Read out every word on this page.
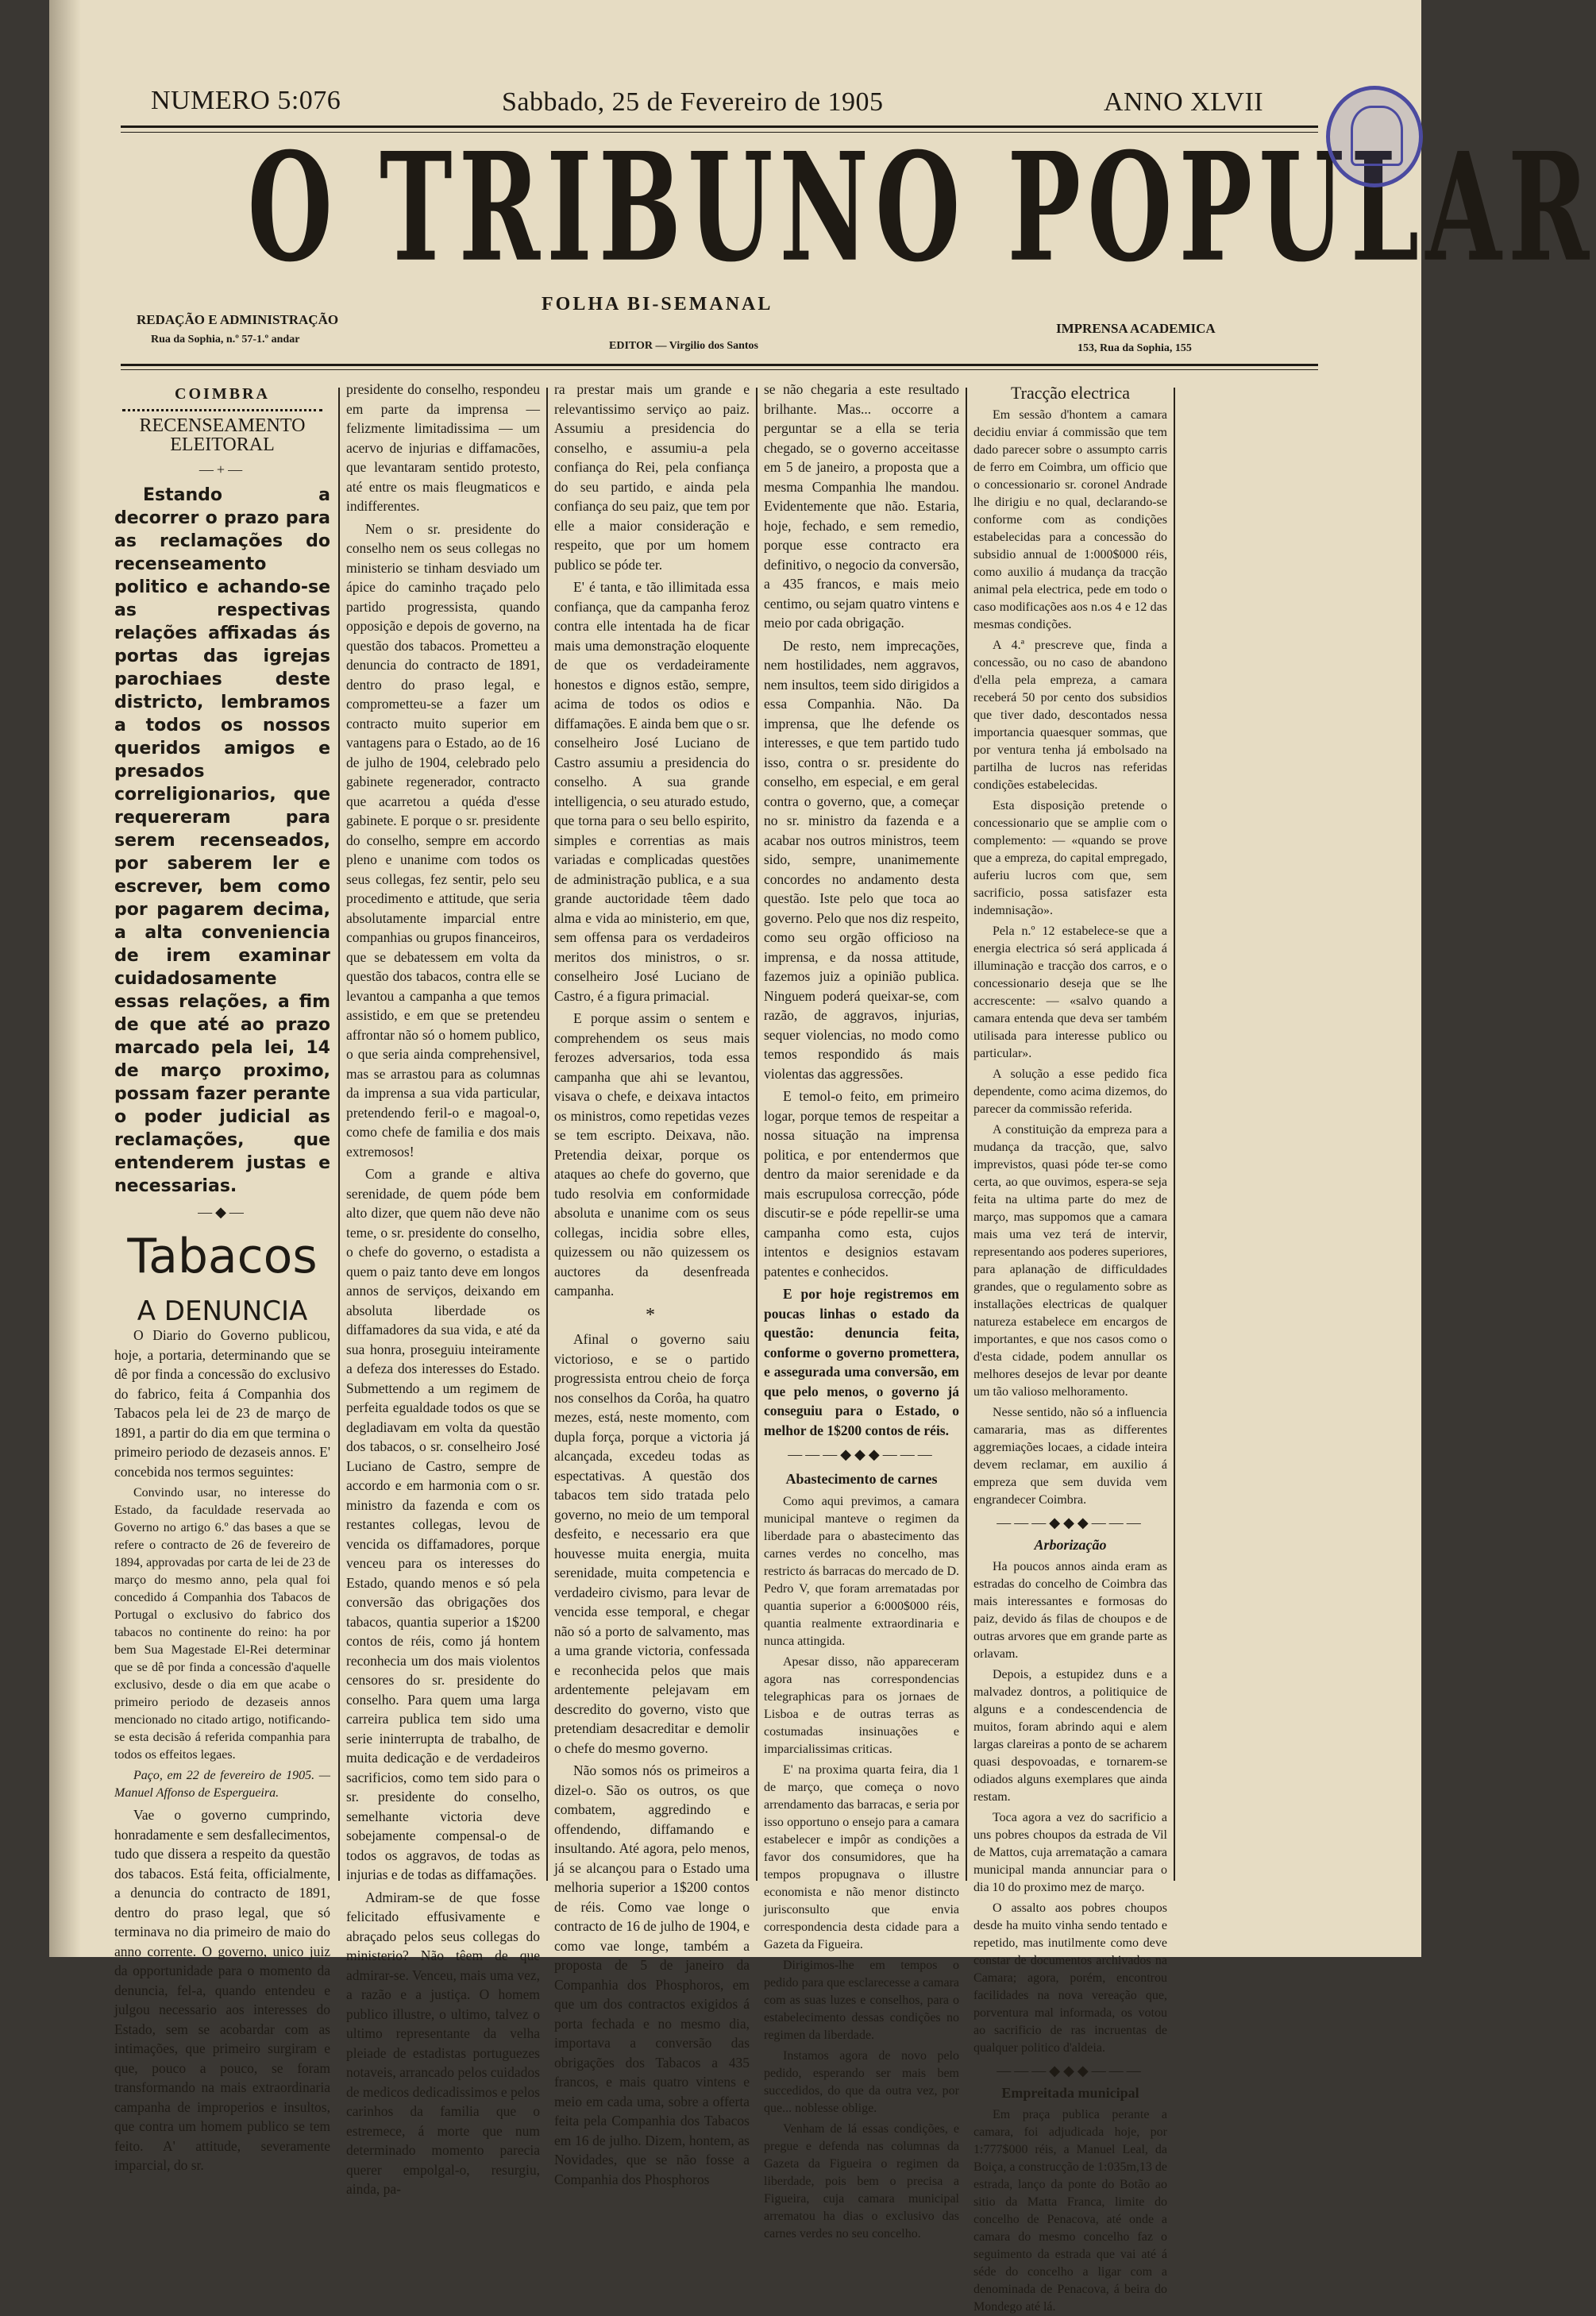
NUMERO 5:076	Sabbado, 25 de Fevereiro de 1905	ANNO XLVII
O TRIBUNO POPULAR
FOLHA BI-SEMANAL
REDAÇÃO E ADMINISTRAÇÃO
Rua da Sophia, n.º 57-1.º andar
EDITOR — Virgilio dos Santos
IMPRENSA ACADEMICA
153, Rua da Sophia, 155
COIMBRA
RECENSEAMENTO ELEITORAL
—+—

Estando a decorrer o prazo para as reclamações do recenseamento politico e achando-se as respectivas relações affixadas ás portas das igrejas parochiaes deste districto, lembramos a todos os nossos queridos amigos e presados correligionarios, que requereram para serem recenseados, por saberem ler e escrever, bem como por pagarem decima, a alta conveniencia de irem examinar cuidadosamente essas relações, a fim de que até ao prazo marcado pela lei, 14 de março proximo, possam fazer perante o poder judicial as reclamações, que entenderem justas e necessarias.

—◆—
Tabacos
A DENUNCIA

O Diario do Governo publicou, hoje, a portaria, determinando que se dê por finda a concessão do exclusivo do fabrico, feita á Companhia dos Tabacos pela lei de 23 de março de 1891, a partir do dia em que termina o primeiro periodo de dezaseis annos. E' concebida nos termos seguintes:

Convindo usar, no interesse do Estado, da faculdade reservada ao Governo no artigo 6.º das bases a que se refere o contracto de 26 de fevereiro de 1894, approvadas por carta de lei de 23 de março do mesmo anno, pela qual foi concedido á Companhia dos Tabacos de Portugal o exclusivo do fabrico dos tabacos no continente do reino: ha por bem Sua Magestade El-Rei determinar que se dê por finda a concessão d'aquelle exclusivo, desde o dia em que acabe o primeiro periodo de dezaseis annos mencionado no citado artigo, notificando-se esta decisão á referida companhia para todos os effeitos legaes.

Paço, em 22 de fevereiro de 1905. — Manuel Affonso de Espergueira.

Vae o governo cumprindo, honradamente e sem desfallecimentos, tudo que dissera a respeito da questão dos tabacos. Está feita, officialmente, a denuncia do contracto de 1891, dentro do praso legal, que só terminava no dia primeiro de maio do anno corrente. O governo, unico juiz da opportunidade para o momento da denuncia, fel-a, quando entendeu e julgou necessario aos interesses do Estado, sem se acobardar com as intimações, que primeiro surgiram e que, pouco a pouco, se foram transformando na mais extraordinaria campanha de improperios e insultos, que contra um homem publico se tem feito. A' attitude, severamente imparcial, do sr.

presidente do conselho, respondeu em parte da imprensa — felizmente limitadissima — um acervo de injurias e diffamacões, que levantaram sentido protesto, até entre os mais fleugmaticos e indifferentes.

Nem o sr. presidente do conselho nem os seus collegas no ministerio se tinham desviado um ápice do caminho traçado pelo partido progressista, quando opposição e depois de governo, na questão dos tabacos. Prometteu a denuncia do contracto de 1891, dentro do praso legal, e comprometteu-se a fazer um contracto muito superior em vantagens para o Estado, ao de 16 de julho de 1904, celebrado pelo gabinete regenerador, contracto que acarretou a quéda d'esse gabinete. E porque o sr. presidente do conselho, sempre em accordo pleno e unanime com todos os seus collegas, fez sentir, pelo seu procedimento e attitude, que seria absolutamente imparcial entre companhias ou grupos financeiros, que se debatessem em volta da questão dos tabacos, contra elle se levantou a campanha a que temos assistido, e em que se pretendeu affrontar não só o homem publico, o que seria ainda comprehensivel, mas se arrastou para as columnas da imprensa a sua vida particular, pretendendo feril-o e magoal-o, como chefe de familia e dos mais extremosos!

Com a grande e altiva serenidade, de quem póde bem alto dizer, que quem não deve não teme, o sr. presidente do conselho, o chefe do governo, o estadista a quem o paiz tanto deve em longos annos de serviços, deixando em absoluta liberdade os diffamadores da sua vida, e até da sua honra, proseguiu inteiramente a defeza dos interesses do Estado. Submettendo a um regimem de perfeita egualdade todos os que se degladiavam em volta da questão dos tabacos, o sr. conselheiro José Luciano de Castro, sempre de accordo e em harmonia com o sr. ministro da fazenda e com os restantes collegas, levou de vencida os diffamadores, porque venceu para os interesses do Estado, quando menos e só pela conversão das obrigações dos tabacos, quantia superior a 1$200 contos de réis, como já hontem reconhecia um dos mais violentos censores do sr. presidente do conselho. Para quem uma larga carreira publica tem sido uma serie ininterrupta de trabalho, de muita dedicação e de verdadeiros sacrificios, como tem sido para o sr. presidente do conselho, semelhante victoria deve sobejamente compensal-o de todos os aggravos, de todas as injurias e de todas as diffamações.

Admiram-se de que fosse felicitado effusivamente e abraçado pelos seus collegas do ministerio? Não têem de que admirar-se. Venceu, mais uma vez, a razão e a justiça. O homem publico illustre, o ultimo, talvez o ultimo representante da velha pleiade de estadistas portuguezes notaveis, arrancado pelos cuidados de medicos dedicadissimos e pelos carinhos da familia que o estremece, á morte que num determinado momento parecia querer empolgal-o, resurgiu, ainda, pa-

ra prestar mais um grande e relevantissimo serviço ao paiz. Assumiu a presidencia do conselho, e assumiu-a pela confiança do Rei, pela confiança do seu partido, e ainda pela confiança do seu paiz, que tem por elle a maior consideração e respeito, que por um homem publico se póde ter.

E' é tanta, e tão illimitada essa confiança, que da campanha feroz contra elle intentada ha de ficar mais uma demonstração eloquente de que os verdadeiramente honestos e dignos estão, sempre, acima de todos os odios e diffamações. E ainda bem que o sr. conselheiro José Luciano de Castro assumiu a presidencia do conselho. A sua grande intelligencia, o seu aturado estudo, que torna para o seu bello espirito, simples e correntias as mais variadas e complicadas questões de administração publica, e a sua grande auctoridade têem dado alma e vida ao ministerio, em que, sem offensa para os verdadeiros meritos dos ministros, o sr. conselheiro José Luciano de Castro, é a figura primacial.

E porque assim o sentem e comprehendem os seus mais ferozes adversarios, toda essa campanha que ahi se levantou, visava o chefe, e deixava intactos os ministros, como repetidas vezes se tem escripto. Deixava, não. Pretendia deixar, porque os ataques ao chefe do governo, que tudo resolvia em conformidade absoluta e unanime com os seus collegas, incidia sobre elles, quizessem ou não quizessem os auctores da desenfreada campanha.

*

Afinal o governo saiu victorioso, e se o partido progressista entrou cheio de força nos conselhos da Corôa, ha quatro mezes, está, neste momento, com dupla força, porque a victoria já alcançada, excedeu todas as espectativas. A questão dos tabacos tem sido tratada pelo governo, no meio de um temporal desfeito, e necessario era que houvesse muita energia, muita serenidade, muita competencia e verdadeiro civismo, para levar de vencida esse temporal, e chegar não só a porto de salvamento, mas a uma grande victoria, confessada e reconhecida pelos que mais ardentemente pelejavam em descredito do governo, visto que pretendiam desacreditar e demolir o chefe do mesmo governo.

Não somos nós os primeiros a dizel-o. São os outros, os que combatem, aggredindo e offendendo, diffamando e insultando. Até agora, pelo menos, já se alcançou para o Estado uma melhoria superior a 1$200 contos de réis. Como vae longe o contracto de 16 de julho de 1904, e como vae longe, também a proposta de 5 de janeiro da Companhia dos Phosphoros, em que um dos contractos exigidos á porta fechada e no mesmo dia, importava a conversão das obrigações dos Tabacos a 435 francos, e mais quatro vintens e meio em cada uma, sobre a offerta feita pela Companhia dos Tabacos em 16 de julho. Dizem, hontem, as Novidades, que se não fosse a Companhia dos Phosphoros

se não chegaria a este resultado brilhante. Mas... occorre a perguntar se a ella se teria chegado, se o governo acceitasse em 5 de janeiro, a proposta que a mesma Companhia lhe mandou. Evidentemente que não. Estaria, hoje, fechado, e sem remedio, porque esse contracto era definitivo, o negocio da conversão, a 435 francos, e mais meio centimo, ou sejam quatro vintens e meio por cada obrigação.

De resto, nem imprecações, nem hostilidades, nem aggravos, nem insultos, teem sido dirigidos a essa Companhia. Não. Da imprensa, que lhe defende os interesses, e que tem partido tudo isso, contra o sr. presidente do conselho, em especial, e em geral contra o governo, que, a começar no sr. ministro da fazenda e a acabar nos outros ministros, teem sido, sempre, unanimemente concordes no andamento desta questão. Iste pelo que toca ao governo. Pelo que nos diz respeito, como seu orgão officioso na imprensa, e da nossa attitude, fazemos juiz a opinião publica. Ninguem poderá queixar-se, com razão, de aggravos, injurias, sequer violencias, no modo como temos respondido ás mais violentas das aggressões.

E temol-o feito, em primeiro logar, porque temos de respeitar a nossa situação na imprensa politica, e por entendermos que dentro da maior serenidade e da mais escrupulosa correcção, póde discutir-se e póde repellir-se uma campanha como esta, cujos intentos e designios estavam patentes e conhecidos.

E por hoje registremos em poucas linhas o estado da questão: denuncia feita, conforme o governo promettera, e assegurada uma conversão, em que pelo menos, o governo já conseguiu para o Estado, o melhor de 1$200 contos de réis.

———◆◆◆———
Abastecimento de carnes

Como aqui previmos, a camara municipal manteve o regimen da liberdade para o abastecimento das carnes verdes no concelho, mas restricto ás barracas do mercado de D. Pedro V, que foram arrematadas por quantia superior a 6:000$000 réis, quantia realmente extraordinaria e nunca attingida.

Apesar disso, não appareceram agora nas correspondencias telegraphicas para os jornaes de Lisboa e de outras terras as costumadas insinuações e imparcialissimas criticas.

E' na proxima quarta feira, dia 1 de março, que começa o novo arrendamento das barracas, e seria por isso opportuno o ensejo para a camara estabelecer e impôr as condições a favor dos consumidores, que ha tempos propugnava o illustre economista e não menor distincto jurisconsulto que envia correspondencia desta cidade para a Gazeta da Figueira.

Dirigimos-lhe em tempos o pedido para que esclarecesse a camara com as suas luzes e conselhos, para o estabelecimento dessas condições no regimen da liberdade.

Instamos agora de novo pelo pedido, esperando ser mais bem succedidos, do que da outra vez, por que... noblesse oblige.

Venham de lá essas condições, e pregue e defenda nas columnas da Gazeta da Figueira o regimen da liberdade, pois bem o precisa a Figueira, cuja camara municipal arrematou ha dias o exclusivo das carnes verdes no seu concelho.

Tracção electrica

Em sessão d'hontem a camara decidiu enviar á commissão que tem dado parecer sobre o assumpto carris de ferro em Coimbra, um officio que o concessionario sr. coronel Andrade lhe dirigiu e no qual, declarando-se conforme com as condições estabelecidas para a concessão do subsidio annual de 1:000$000 réis, como auxilio á mudança da tracção animal pela electrica, pede em todo o caso modificações aos n.os 4 e 12 das mesmas condições.

A 4.ª prescreve que, finda a concessão, ou no caso de abandono d'ella pela empreza, a camara receberá 50 por cento dos subsidios que tiver dado, descontados nessa importancia quaesquer sommas, que por ventura tenha já embolsado na partilha de lucros nas referidas condições estabelecidas.

Esta disposição pretende o concessionario que se amplie com o complemento: — «quando se prove que a empreza, do capital empregado, auferiu lucros com que, sem sacrificio, possa satisfazer esta indemnisação».

Pela n.º 12 estabelece-se que a energia electrica só será applicada á illuminação e tracção dos carros, e o concessionario deseja que se lhe accrescente: — «salvo quando a camara entenda que deva ser também utilisada para interesse publico ou particular».

A solução a esse pedido fica dependente, como acima dizemos, do parecer da commissão referida.

A constituição da empreza para a mudança da tracção, que, salvo imprevistos, quasi póde ter-se como certa, ao que ouvimos, espera-se seja feita na ultima parte do mez de março, mas suppomos que a camara mais uma vez terá de intervir, representando aos poderes superiores, para aplanação de difficuldades grandes, que o regulamento sobre as installações electricas de qualquer natureza estabelece em encargos de importantes, e que nos casos como o d'esta cidade, podem annullar os melhores desejos de levar por deante um tão valioso melhoramento.

Nesse sentido, não só a influencia camararia, mas as differentes aggremiações locaes, a cidade inteira devem reclamar, em auxilio á empreza que sem duvida vem engrandecer Coimbra.

———◆◆◆———
Arborização

Ha poucos annos ainda eram as estradas do concelho de Coimbra das mais interessantes e formosas do paiz, devido ás filas de choupos e de outras arvores que em grande parte as orlavam.

Depois, a estupidez duns e a malvadez dontros, a politiquice de alguns e a condescendencia de muitos, foram abrindo aqui e alem largas clareiras a ponto de se acharem quasi despovoadas, e tornarem-se odiados alguns exemplares que ainda restam.

Toca agora a vez do sacrificio a uns pobres choupos da estrada de Vil de Mattos, cuja arrematação a camara municipal manda annunciar para o dia 10 do proximo mez de março.

O assalto aos pobres choupos desde ha muito vinha sendo tentado e repetido, mas inutilmente como deve constar de documentos archivados na Camara; agora, porém, encontrou facilidades na nova vereação que, porventura mal informada, os votou ao sacrificio de ras incruentas de qualquer politico d'aldeia.

———◆◆◆———
Empreitada municipal

Em praça publica perante a camara, foi adjudicada hoje, por 1:777$000 réis, a Manuel Leal, da Boiça, a construcção de 1:035m,13 de estrada, lanço da ponte do Botão ao sitio da Matta Franca, limite do concelho de Penacova, até onde a camara do mesmo concelho faz o seguimento da estrada que vai até á séde do concelho a ligar com a denominada de Penacova, á beira do Mondego até lá.
